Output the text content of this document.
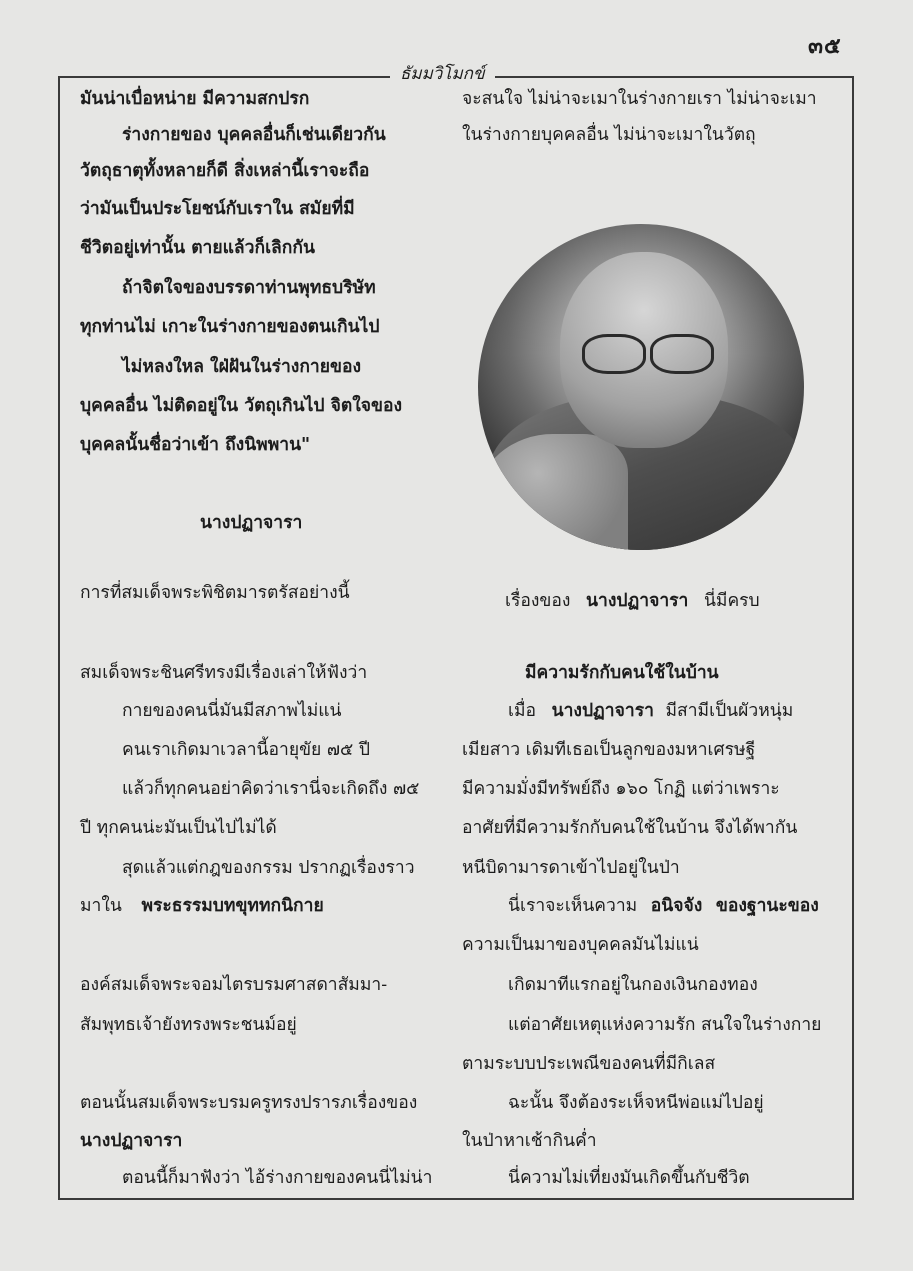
๓๕
ธัมมวิโมกข์
มันน่าเบื่อหน่าย มีความสกปรก
ร่างกายของ บุคคลอื่นก็เช่นเดียวกัน
วัตถุธาตุทั้งหลายก็ดี สิ่งเหล่านี้เราจะถือ
ว่ามันเป็นประโยชน์กับเราใน สมัยที่มี
ชีวิตอยู่เท่านั้น ตายแล้วก็เลิกกัน
ถ้าจิตใจของบรรดาท่านพุทธบริษัท
ทุกท่านไม่ เกาะในร่างกายของตนเกินไป
ไม่หลงใหล ใฝ่ฝันในร่างกายของ
บุคคลอื่น ไม่ติดอยู่ใน วัตถุเกินไป จิตใจของ
บุคคลนั้นชื่อว่าเข้า ถึงนิพพาน"
นางปฏาจารา
การที่สมเด็จพระพิชิตมารตรัสอย่างนี้
สมเด็จพระชินศรีทรงมีเรื่องเล่าให้ฟังว่า
กายของคนนี่มันมีสภาพไม่แน่
คนเราเกิดมาเวลานี้อายุขัย ๗๕ ปี
แล้วก็ทุกคนอย่าคิดว่าเรานี่จะเกิดถึง ๗๕
ปี ทุกคนน่ะมันเป็นไปไม่ได้
สุดแล้วแต่กฎของกรรม ปรากฏเรื่องราว
มาใน พระธรรมบทขุททกนิกาย
องค์สมเด็จพระจอมไตรบรมศาสดาสัมมา-
สัมพุทธเจ้ายังทรงพระชนม์อยู่
ตอนนั้นสมเด็จพระบรมครูทรงปรารภเรื่องของ
นางปฏาจารา
ตอนนี้ก็มาฟังว่า ไอ้ร่างกายของคนนี่ไม่น่า
จะสนใจ ไม่น่าจะเมาในร่างกายเรา ไม่น่าจะเมา
ในร่างกายบุคคลอื่น ไม่น่าจะเมาในวัตถุ
เรื่องของ นางปฏาจารา นี่มีครบ
มีความรักกับคนใช้ในบ้าน
เมื่อ นางปฏาจารา มีสามีเป็นผัวหนุ่ม
เมียสาว เดิมทีเธอเป็นลูกของมหาเศรษฐี
มีความมั่งมีทรัพย์ถึง ๑๖๐ โกฏิ แต่ว่าเพราะ
อาศัยที่มีความรักกับคนใช้ในบ้าน จึงได้พากัน
หนีบิดามารดาเข้าไปอยู่ในป่า
นี่เราจะเห็นความ อนิจจัง ของฐานะของ
ความเป็นมาของบุคคลมันไม่แน่
เกิดมาทีแรกอยู่ในกองเงินกองทอง
แต่อาศัยเหตุแห่งความรัก สนใจในร่างกาย
ตามระบบประเพณีของคนที่มีกิเลส
ฉะนั้น จึงต้องระเห็จหนีพ่อแม่ไปอยู่
ในป่าหาเช้ากินค่ำ
นี่ความไม่เที่ยงมันเกิดขึ้นกับชีวิต
